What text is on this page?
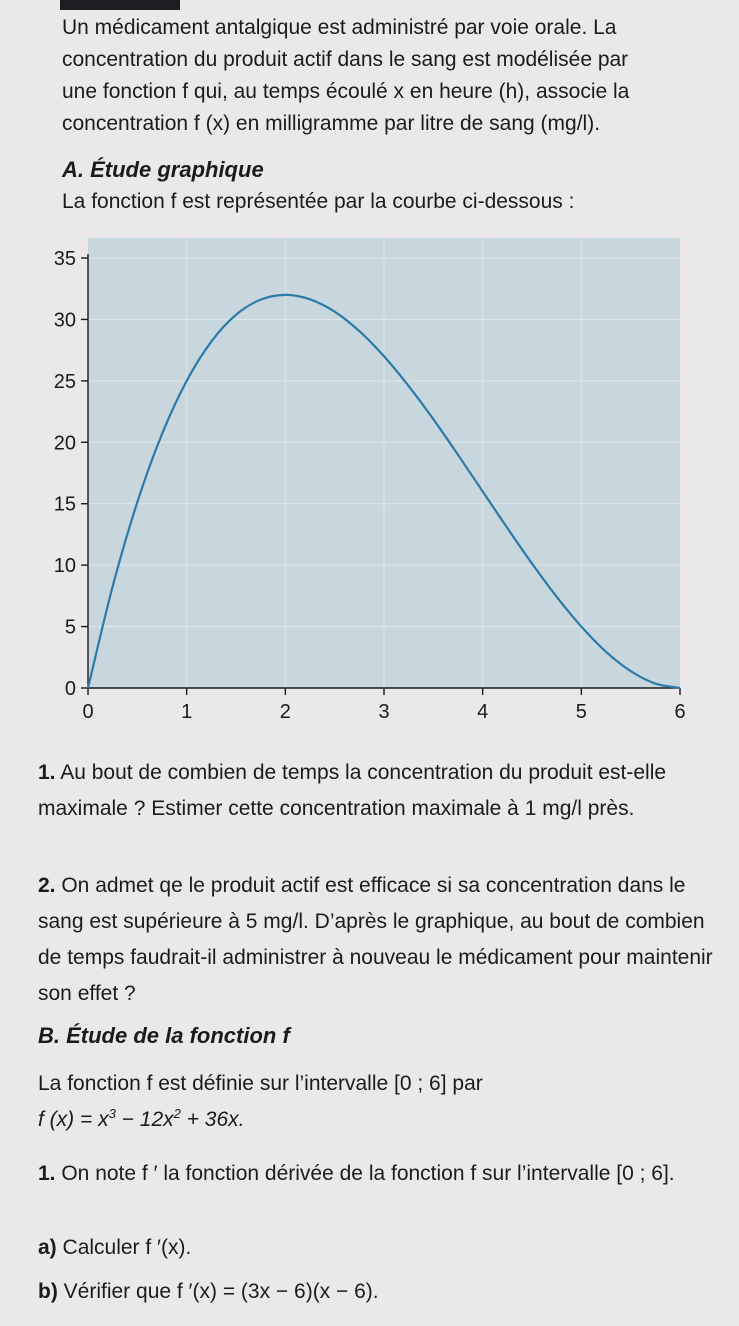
Un médicament antalgique est administré par voie orale. La
concentration du produit actif dans le sang est modélisée par
une fonction f qui, au temps écoulé x en heure (h), associe la
concentration f (x) en milligramme par litre de sang (mg/l).
A. Étude graphique
La fonction f est représentée par la courbe ci-dessous :
0
5
10
15
20
25
30
35
0	1	2	3	4	5	6
1. Au bout de combien de temps la concentration du produit est-elle maximale ? Estimer cette concentration maximale à 1 mg/l près.
2. On admet qe le produit actif est efficace si sa concentration dans le sang est supérieure à 5 mg/l. D’après le graphique, au bout de combien de temps faudrait-il administrer à nouveau le médicament pour maintenir son effet ?
B. Étude de la fonction f
La fonction f est définie sur l’intervalle [0 ; 6] par
f $(x) = x^3 - 12x^2 + 36x$.
1. On note f ′ la fonction dérivée de la fonction f sur l’intervalle [0 ; 6].
a) Calculer f ′(x).
b) Vérifier que f ′(x) = (3x − 6)(x − 6).
